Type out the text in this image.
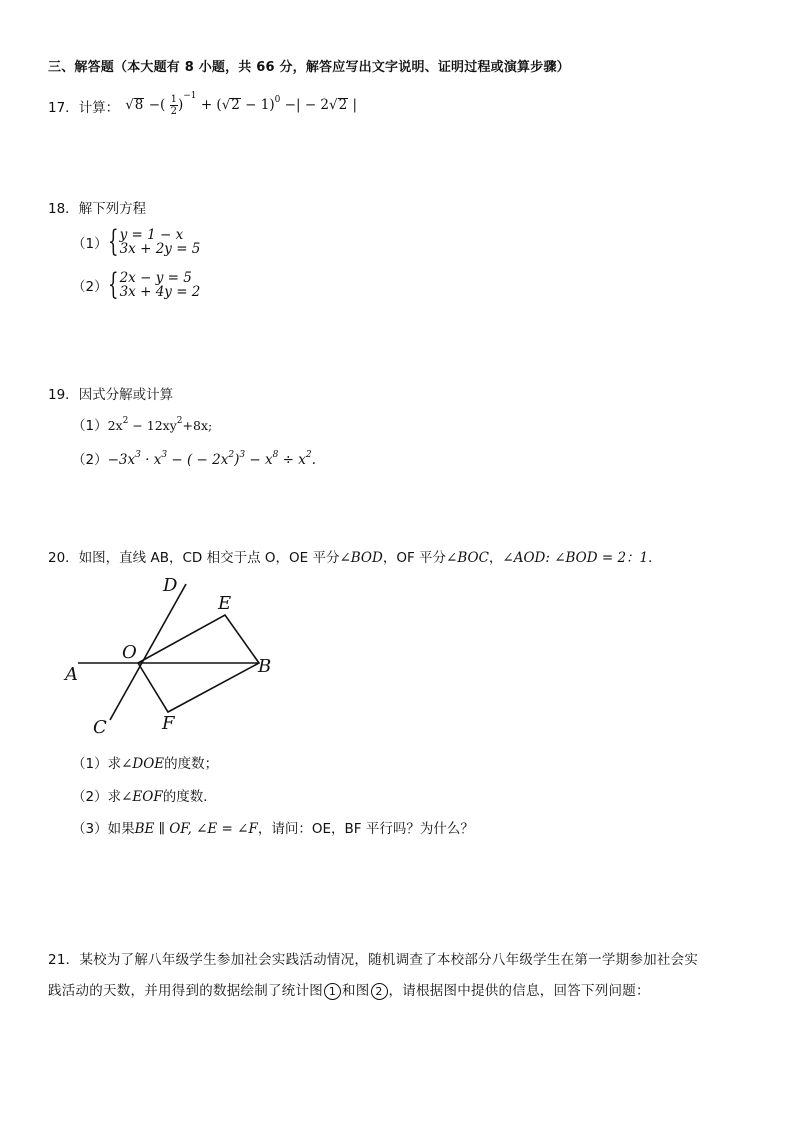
三、解答题（本大题有 8 小题，共 66 分，解答应写出文字说明、证明过程或演算步骤）
17． 计算： √8 −( $\frac{1}{2} )^{-1} + (√2 - 1)^0$ −| − 2√2 |
18．解下列方程
（1） { y = 1 − x
3x + 2y = 5
（2） { 2x − y = 5
3x + 4y = 2
19．因式分解或计算
$(1)2x^2 - 12xy^2+8x$;
$(2)-3x^3 \cdot x^3$ − ( − $2x^2)^3 - x^8 \div x^2$.
20．如图，直线 AB，CD 相交于点 O，OE 平分∠BOD，OF 平分∠BOC，∠AOD: ∠BOD = 2：1．
D
E
O
B
A
C	F
（1）求∠DOE的度数；
（2）求∠EOF的度数．
（3）如果BE ∥ OF, ∠E = ∠F，请问：OE，BF 平行吗？为什么？
21．某校为了解八年级学生参加社会实践活动情况，随机调查了本校部分八年级学生在第一学期参加社会实
践活动的天数，并用得到的数据绘制了统计图 1 和图 2 ，请根据图中提供的信息，回答下列问题：
